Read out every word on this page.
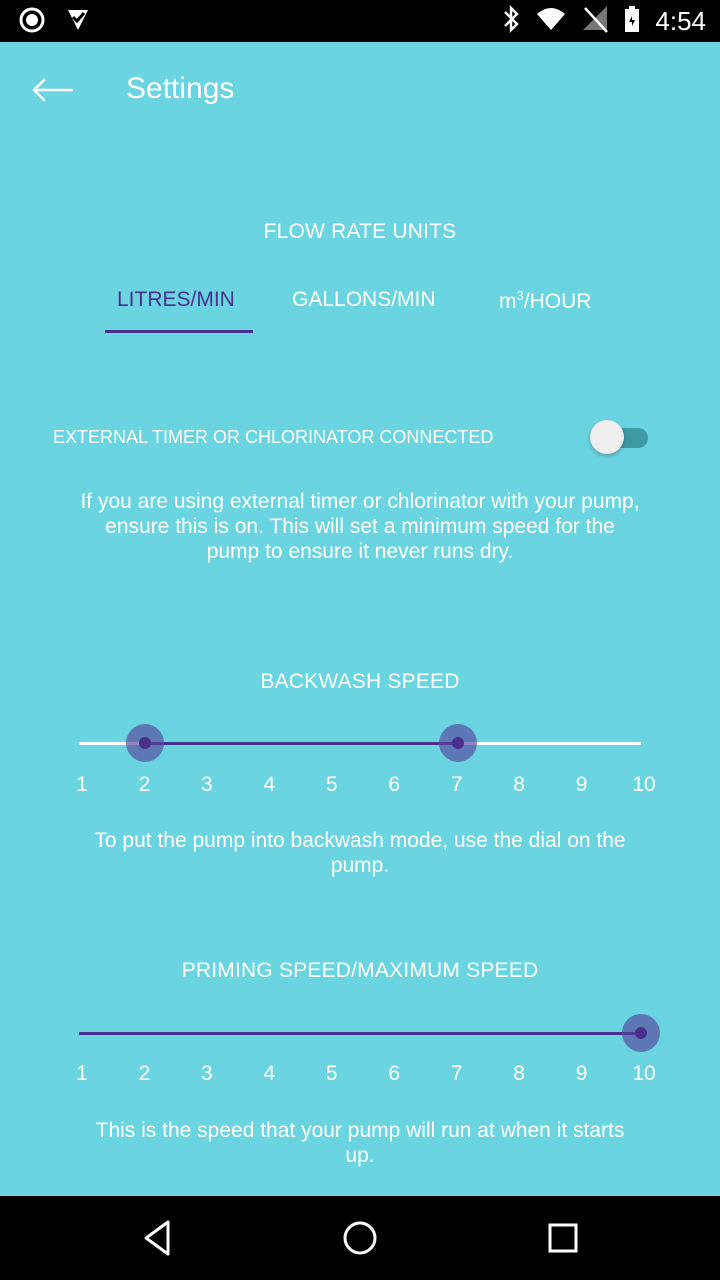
4:54
Settings
FLOW RATE UNITS
LITRES/MIN	GALLONS/MIN	$m^3$/HOUR
EXTERNAL TIMER OR CHLORINATOR CONNECTED
If you are using external timer or chlorinator with your pump, ensure this is on. This will set a minimum speed for the pump to ensure it never runs dry.
BACKWASH SPEED
1	2	3	4	5	6	7	8	9	10
To put the pump into backwash mode, use the dial on the pump.
PRIMING SPEED/MAXIMUM SPEED
1	2	3	4	5	6	7	8	9	10
This is the speed that your pump will run at when it starts up.
